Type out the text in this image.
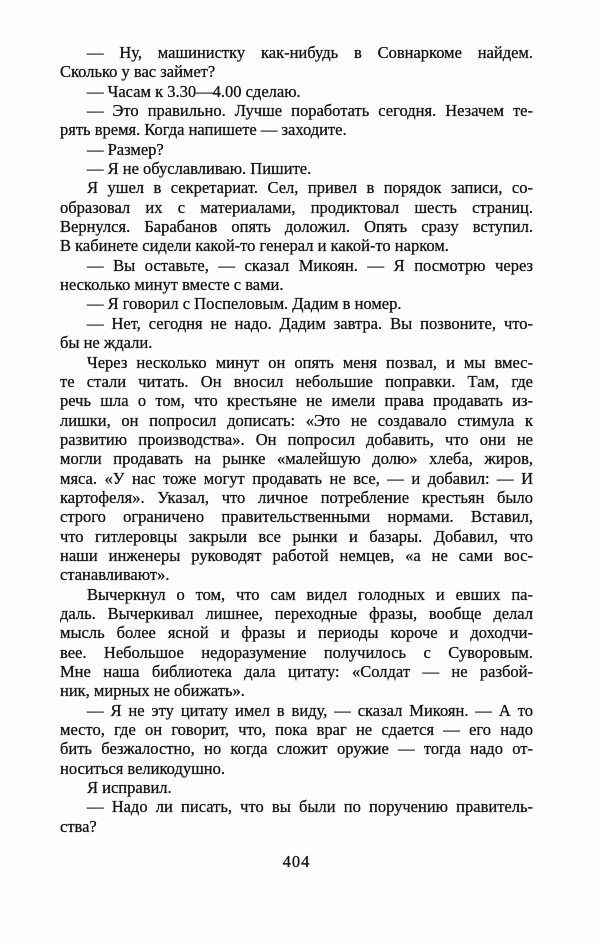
— Ну, машинистку как-нибудь в Совнаркоме найдем.
Сколько у вас займет?
— Часам к 3.30—4.00 сделаю.
— Это правильно. Лучше поработать сегодня. Незачем те-
рять время. Когда напишете — заходите.
— Размер?
— Я не обуславливаю. Пишите.
Я ушел в секретариат. Сел, привел в порядок записи, со-
образовал их с материалами, продиктовал шесть страниц.
Вернулся. Барабанов опять доложил. Опять сразу вступил.
В кабинете сидели какой-то генерал и какой-то нарком.
— Вы оставьте, — сказал Микоян. — Я посмотрю через
несколько минут вместе с вами.
— Я говорил с Поспеловым. Дадим в номер.
— Нет, сегодня не надо. Дадим завтра. Вы позвоните, что-
бы не ждали.
Через несколько минут он опять меня позвал, и мы вмес-
те стали читать. Он вносил небольшие поправки. Там, где
речь шла о том, что крестьяне не имели права продавать из-
лишки, он попросил дописать: «Это не создавало стимула к
развитию производства». Он попросил добавить, что они не
могли продавать на рынке «малейшую долю» хлеба, жиров,
мяса. «У нас тоже могут продавать не все, — и добавил: — И
картофеля». Указал, что личное потребление крестьян было
строго ограничено правительственными нормами. Вставил,
что гитлеровцы закрыли все рынки и базары. Добавил, что
наши инженеры руководят работой немцев, «а не сами вос-
станавливают».
Вычеркнул о том, что сам видел голодных и евших па-
даль. Вычеркивал лишнее, переходные фразы, вообще делал
мысль более ясной и фразы и периоды короче и доходчи-
вее. Небольшое недоразумение получилось с Суворовым.
Мне наша библиотека дала цитату: «Солдат — не разбой-
ник, мирных не обижать».
— Я не эту цитату имел в виду, — сказал Микоян. — А то
место, где он говорит, что, пока враг не сдается — его надо
бить безжалостно, но когда сложит оружие — тогда надо от-
носиться великодушно.
Я исправил.
— Надо ли писать, что вы были по поручению правитель-
ства?
404
